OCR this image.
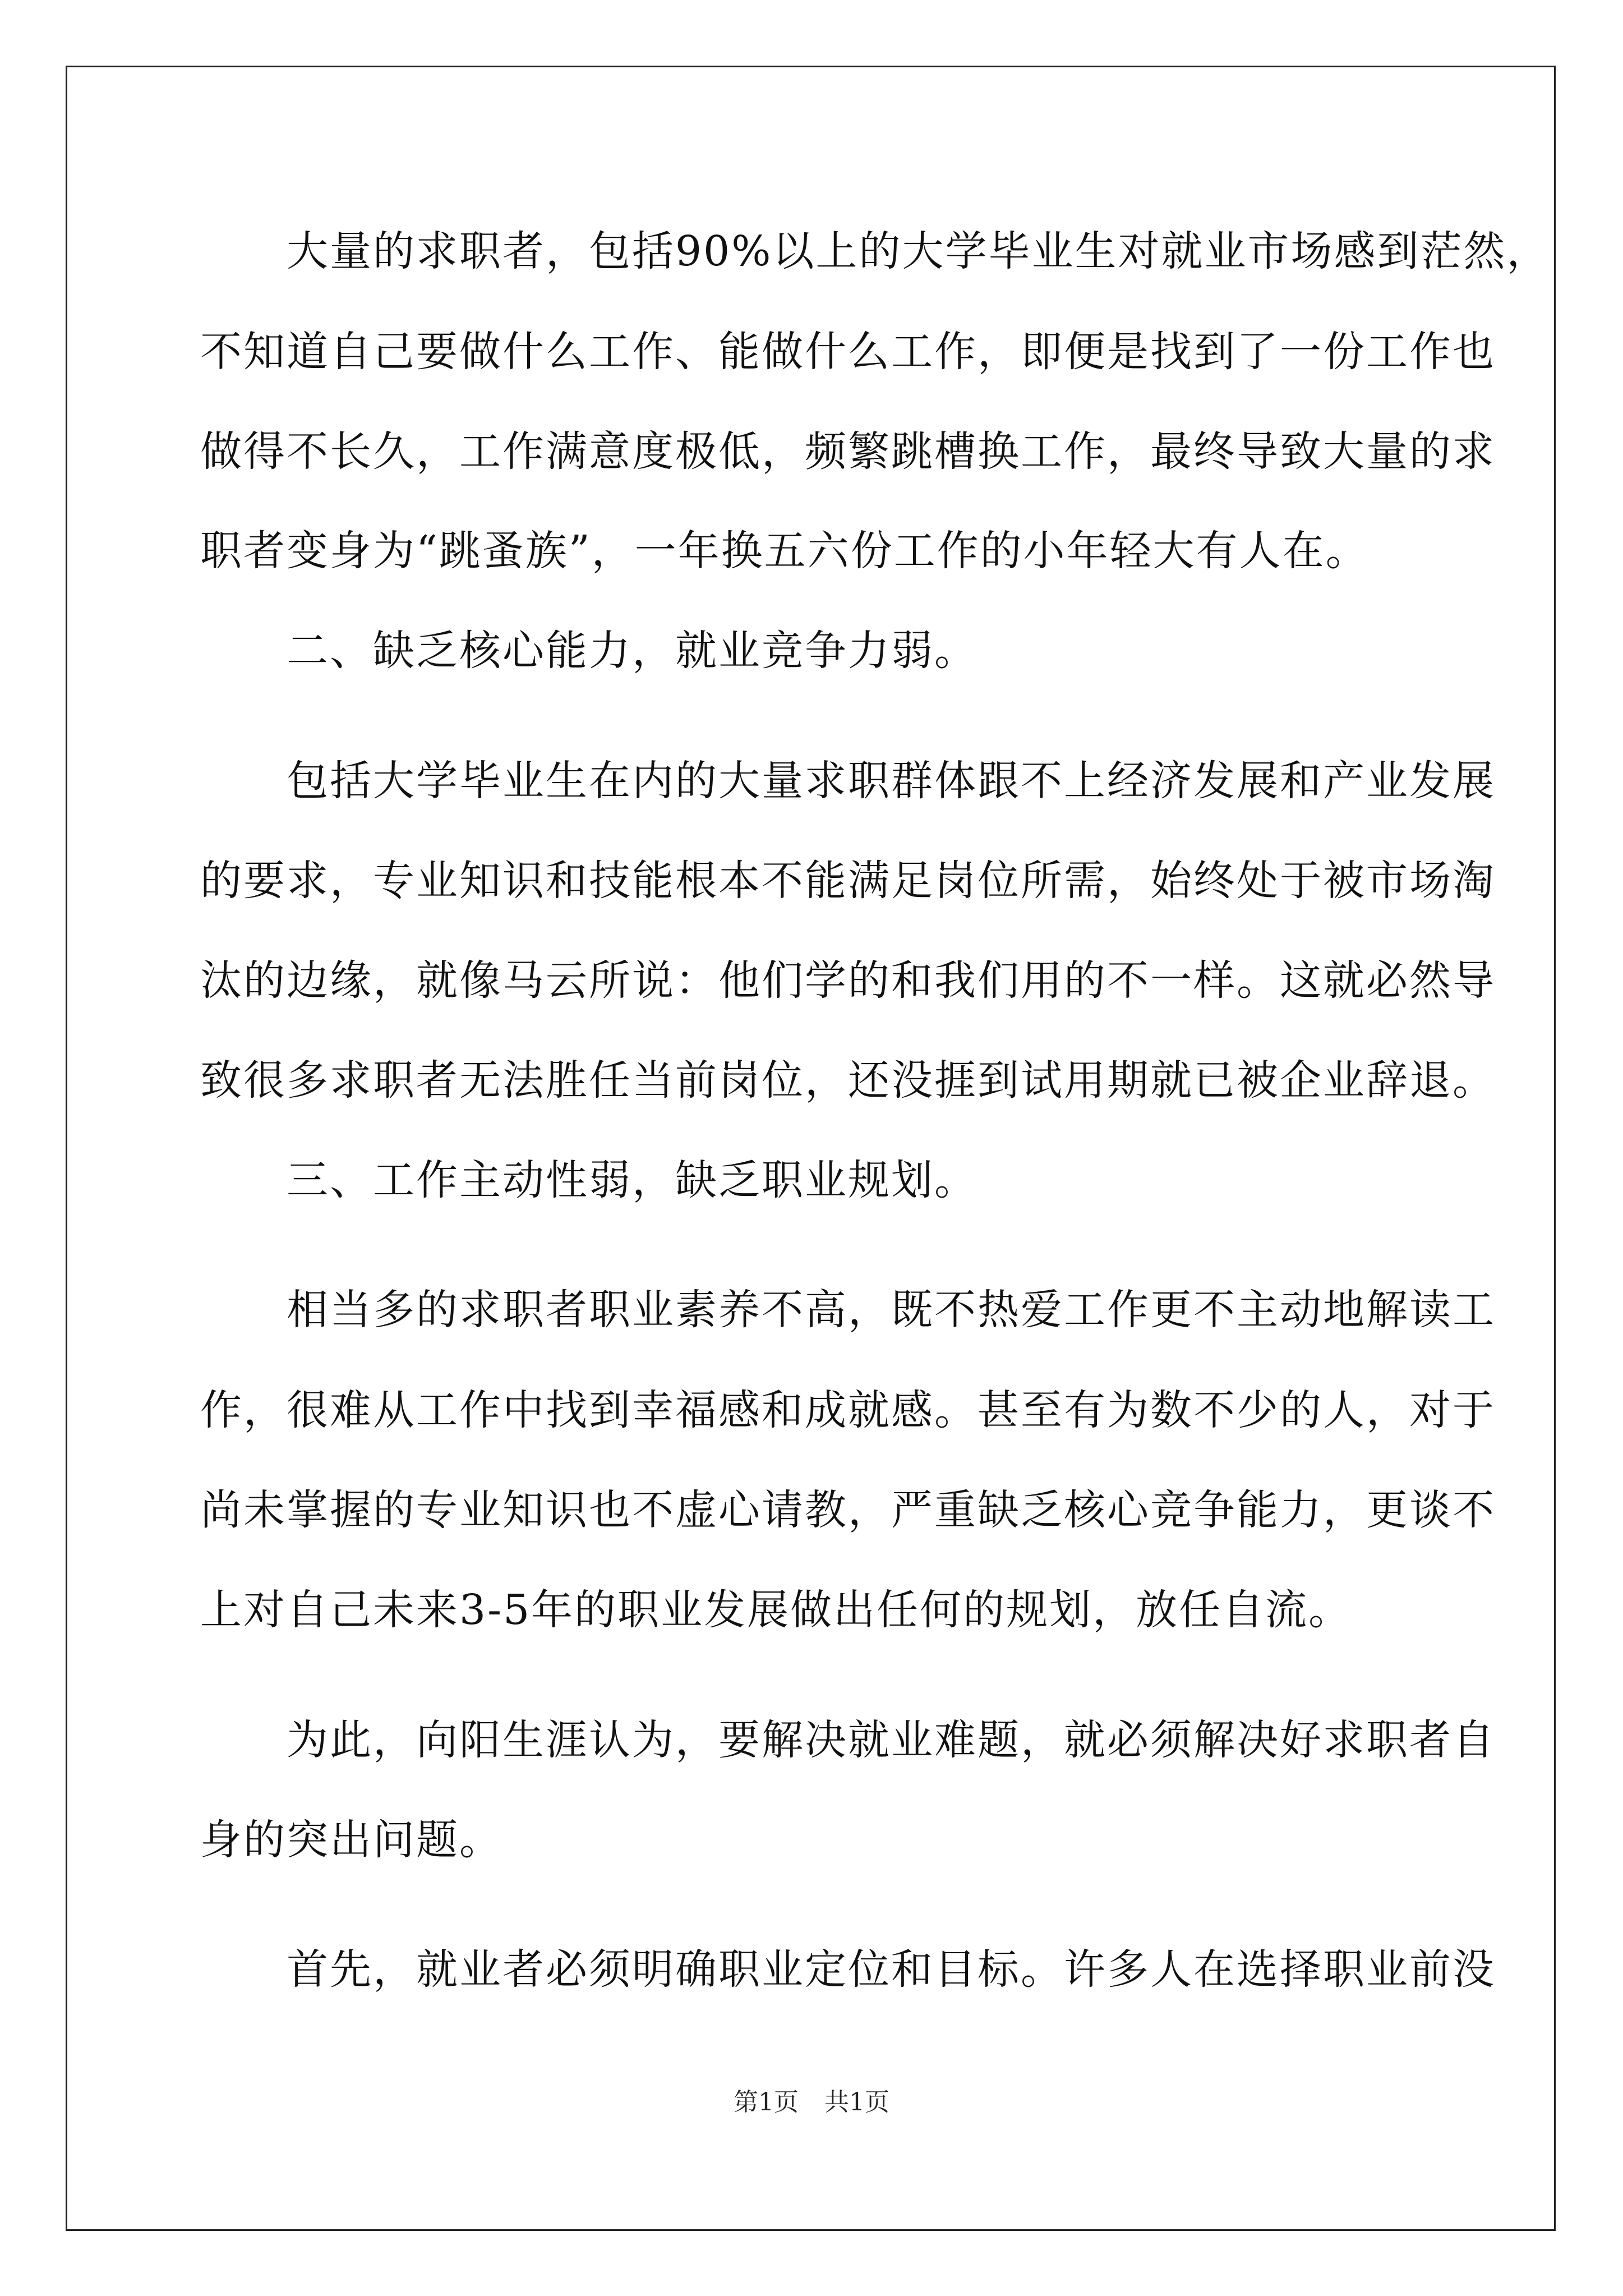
　　大量的求职者，包括90%以上的大学毕业生对就业市场感到茫然，
不知道自己要做什么工作、能做什么工作，即便是找到了一份工作也
做得不长久，工作满意度极低，频繁跳槽换工作，最终导致大量的求
职者变身为“跳蚤族”，一年换五六份工作的小年轻大有人在。
　　二、缺乏核心能力，就业竞争力弱。
　　包括大学毕业生在内的大量求职群体跟不上经济发展和产业发展
的要求，专业知识和技能根本不能满足岗位所需，始终处于被市场淘
汰的边缘，就像马云所说：他们学的和我们用的不一样。这就必然导
致很多求职者无法胜任当前岗位，还没捱到试用期就已被企业辞退。
　　三、工作主动性弱，缺乏职业规划。
　　相当多的求职者职业素养不高，既不热爱工作更不主动地解读工
作，很难从工作中找到幸福感和成就感。甚至有为数不少的人，对于
尚未掌握的专业知识也不虚心请教，严重缺乏核心竞争能力，更谈不
上对自己未来3-5年的职业发展做出任何的规划，放任自流。
　　为此，向阳生涯认为，要解决就业难题，就必须解决好求职者自
身的突出问题。
　　首先，就业者必须明确职业定位和目标。许多人在选择职业前没
第1页 共1页
